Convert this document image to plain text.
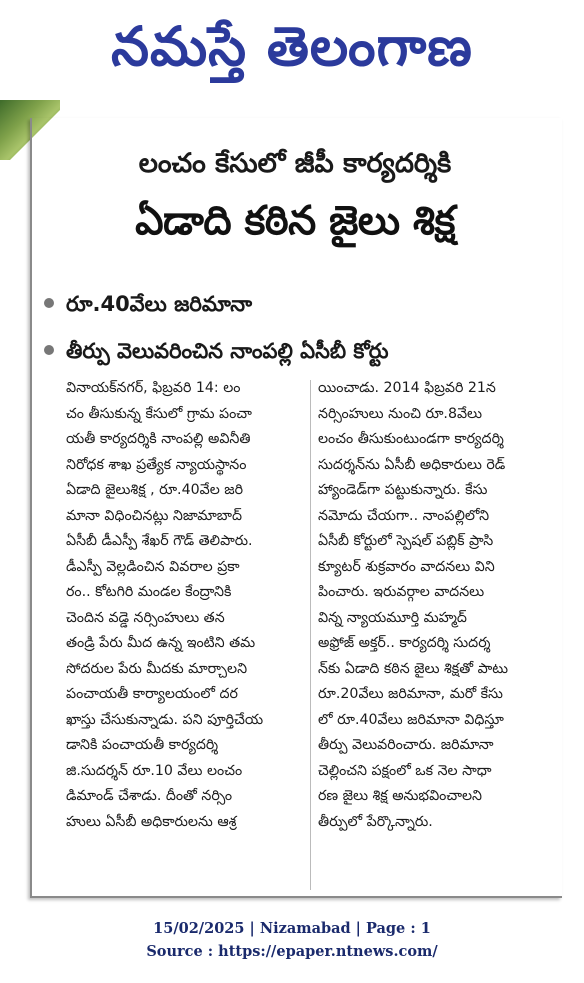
నమస్తే తెలంగాణ
లంచం కేసులో జీపీ కార్యదర్శికి
ఏడాది కఠిన జైలు శిక్ష
రూ.40వేలు జరిమానా
తీర్పు వెలువరించిన నాంపల్లి ఏసీబీ కోర్టు

వినాయక్‌నగర్, ఫిబ్రవరి 14: లం

చం తీసుకున్న కేసులో గ్రామ పంచా

యతీ కార్యదర్శికి నాంపల్లి అవినీతి

నిరోధక శాఖ ప్రత్యేక న్యాయస్థానం

ఏడాది జైలుశిక్ష , రూ.40వేల జరి

మానా విధించినట్లు నిజామాబాద్

ఏసీబీ డీఎస్పీ శేఖర్ గౌడ్ తెలిపారు.

డీఎస్పీ వెల్లడించిన వివరాల ప్రకా

రం.. కోటగిరి మండల కేంద్రానికి

చెందిన వడ్డె నర్సింహులు తన

తండ్రి పేరు మీద ఉన్న ఇంటిని తమ

సోదరుల పేరు మీదకు మార్చాలని

పంచాయతీ కార్యాలయంలో దర

ఖాస్తు చేసుకున్నాడు. పని పూర్తిచేయ

డానికి పంచాయతీ కార్యదర్శి

జి.సుదర్శన్ రూ.10 వేలు లంచం

డిమాండ్ చేశాడు. దీంతో నర్సిం

హులు ఏసీబీ అధికారులను ఆశ్ర

యించాడు. 2014 ఫిబ్రవరి 21న

నర్సింహులు నుంచి రూ.8వేలు

లంచం తీసుకుంటుండగా కార్యదర్శి

సుదర్శన్‌ను ఏసీబీ అధికారులు రెడ్

హ్యాండెడ్‌గా పట్టుకున్నారు. కేసు

నమోదు చేయగా.. నాంపల్లిలోని

ఏసీబీ కోర్టులో స్పెషల్ పబ్లిక్ ప్రాసి

క్యూటర్ శుక్రవారం వాదనలు విని

పించారు. ఇరువర్గాల వాదనలు

విన్న న్యాయమూర్తి మహ్మద్

అఫ్రోజ్ అక్తర్.. కార్యదర్శి సుదర్శ

న్‌కు ఏడాది కఠిన జైలు శిక్షతో పాటు

రూ.20వేలు జరిమానా, మరో కేసు

లో రూ.40వేలు జరిమానా విధిస్తూ

తీర్పు వెలువరించారు. జరిమానా

చెల్లించని పక్షంలో ఒక నెల సాధా

రణ జైలు శిక్ష అనుభవించాలని

తీర్పులో పేర్కొన్నారు.

15/02/2025 | Nizamabad | Page : 1
Source : https://epaper.ntnews.com/
